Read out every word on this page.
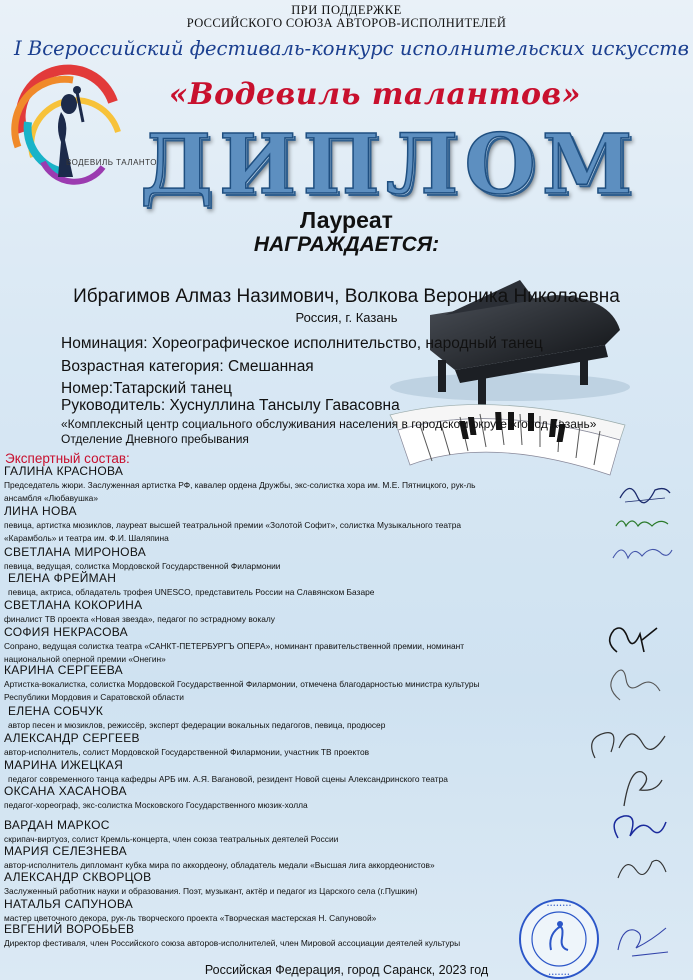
ПРИ ПОДДЕРЖКЕ
РОССИЙСКОГО СОЮЗА АВТОРОВ-ИСПОЛНИТЕЛЕЙ
I Всероссийский фестиваль-конкурс исполнительских искусств
ВОДЕВИЛЬ ТАЛАНТОВ
«Водевиль талантов»
ДИПЛОМ
Лауреат
НАГРАЖДАЕТСЯ:
Ибрагимов Алмаз Назимович, Волкова Вероника Николаевна
Россия, г. Казань
Номинация: Хореографическое исполнительство, народный танец
Возрастная категория: Смешанная
Номер:Татарский танец
Руководитель: Хуснуллина Тансылу Гавасовна
«Комплексный центр социального обслуживания населения в городском округе «город Казань»
Отделение Дневного пребывания
Экспертный состав:
ГАЛИНА КРАСНОВА
Председатель жюри. Заслуженная артистка РФ, кавалер ордена Дружбы, экс-солистка хора им. М.Е. Пятницкого, рук-ль
ансамбля «Любавушка»
ЛИНА НОВА
певица, артистка мюзиклов, лауреат высшей театральной премии «Золотой Софит», солистка Музыкального театра
«Карамболь» и театра им. Ф.И. Шаляпина
СВЕТЛАНА МИРОНОВА
певица, ведущая, солистка Мордовской Государственной Филармонии
ЕЛЕНА ФРЕЙМАН
певица, актриса, обладатель трофея UNESCO, представитель России на Славянском Базаре
СВЕТЛАНА КОКОРИНА
финалист ТВ проекта «Новая звезда», педагог по эстрадному вокалу
СОФИЯ НЕКРАСОВА
Сопрано, ведущая солистка театра «САНКТ-ПЕТЕРБУРГЪ ОПЕРА», номинант правительственной премии, номинант
национальной оперной премии «Онегин»
КАРИНА СЕРГЕЕВА
Артистка-вокалистка, солистка Мордовской Государственной Филармонии, отмечена благодарностью министра культуры
Республики Мордовия и Саратовской области
ЕЛЕНА СОБЧУК
автор песен и мюзиклов, режиссёр, эксперт федерации вокальных педагогов, певица, продюсер
АЛЕКСАНДР СЕРГЕЕВ
автор-исполнитель, солист Мордовской Государственной Филармонии, участник ТВ проектов
МАРИНА ИЖЕЦКАЯ
педагог современного танца кафедры АРБ им. А.Я. Вагановой, резидент Новой сцены Александринского театра
ОКСАНА ХАСАНОВА
педагог-хореограф, экс-солистка Московского Государственного мюзик-холла
ВАРДАН МАРКОС
скрипач-виртуоз, солист Кремль-концерта, член союза театральных деятелей России
МАРИЯ СЕЛЕЗНЕВА
автор-исполнитель дипломант кубка мира по аккордеону, обладатель медали «Высшая лига аккордеонистов»
АЛЕКСАНДР СКВОРЦОВ
Заслуженный работник науки и образования. Поэт, музыкант, актёр и педагог из Царского села (г.Пушкин)
НАТАЛЬЯ САПУНОВА
мастер цветочного декора, рук-ль творческого проекта «Творческая мастерская Н. Сапуновой»
ЕВГЕНИЙ ВОРОБЬЕВ
Директор фестиваля, член Российского союза авторов-исполнителей, член Мировой ассоциации деятелей культуры
• • • • • • • •
• • • • • • •
Российская Федерация, город Саранск, 2023 год
